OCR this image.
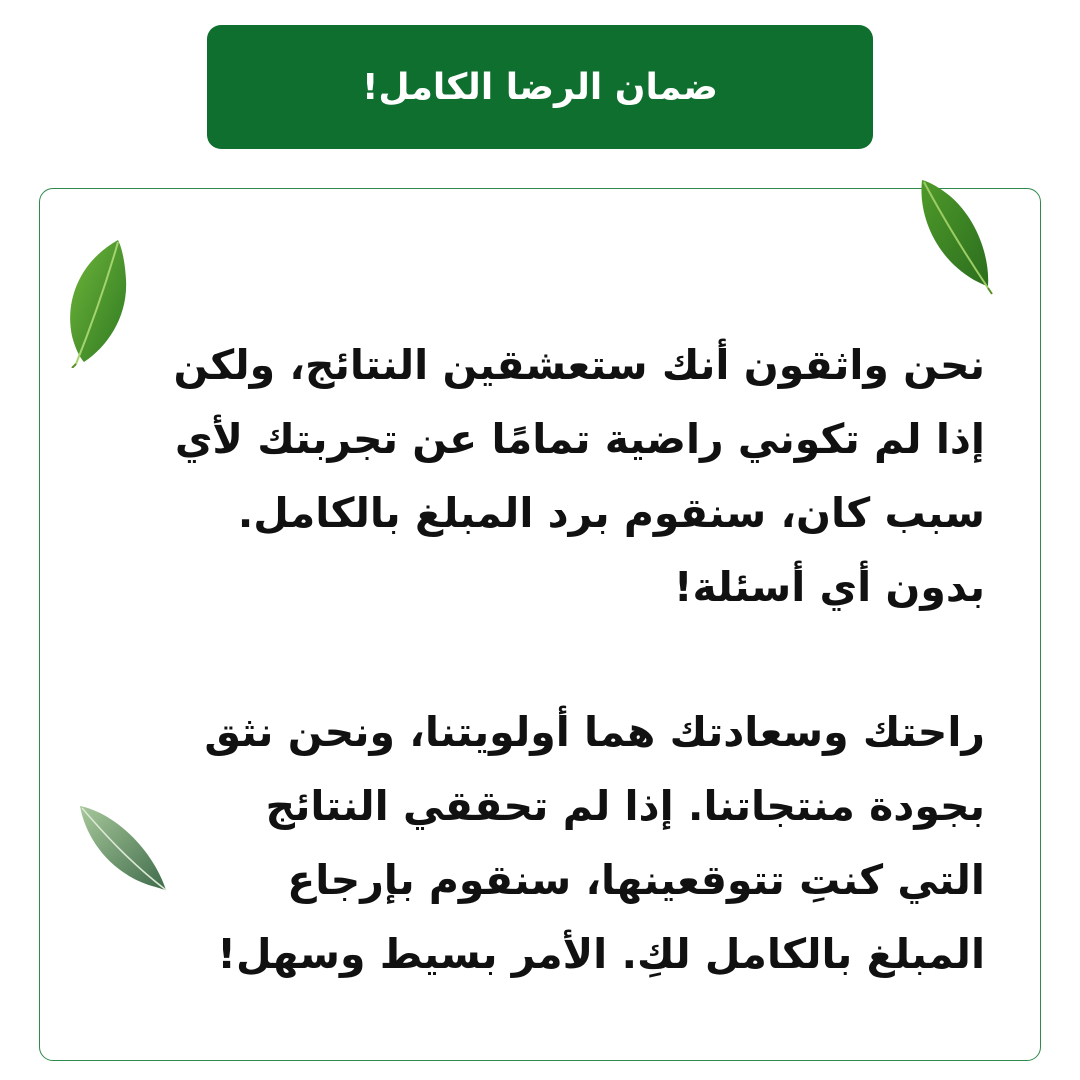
ضمان الرضا الكامل!

نحن واثقون أنك ستعشقين النتائج، ولكن
إذا لم تكوني راضية تمامًا عن تجربتك لأي
سبب كان، سنقوم برد المبلغ بالكامل.
بدون أي أسئلة!

راحتك وسعادتك هما أولويتنا، ونحن نثق
بجودة منتجاتنا. إذا لم تحققي النتائج
التي كنتِ تتوقعينها، سنقوم بإرجاع
المبلغ بالكامل لكِ. الأمر بسيط وسهل!
